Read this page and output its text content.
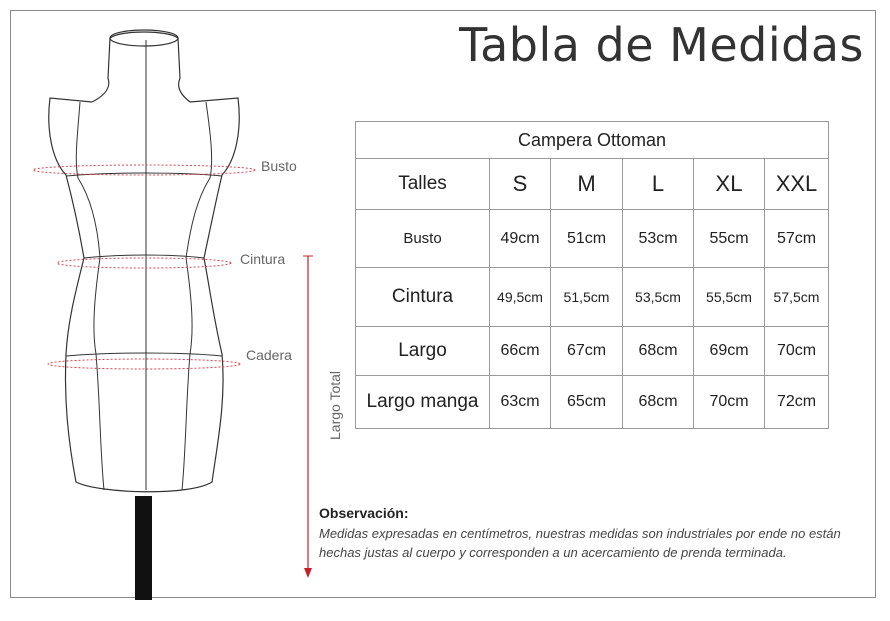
Tabla de Medidas
Busto
Cintura
Cadera
Largo Total
Campera Ottoman					
Talles	S	M	L	XL	XXL
Busto	49cm	51cm	53cm	55cm	57cm
Cintura	49,5cm	51,5cm	53,5cm	55,5cm	57,5cm
Largo	66cm	67cm	68cm	69cm	70cm
Largo manga	63cm	65cm	68cm	70cm	72cm
Observación:
Medidas expresadas en centímetros, nuestras medidas son industriales por ende no están hechas justas al cuerpo y corresponden a un acercamiento de prenda terminada.
